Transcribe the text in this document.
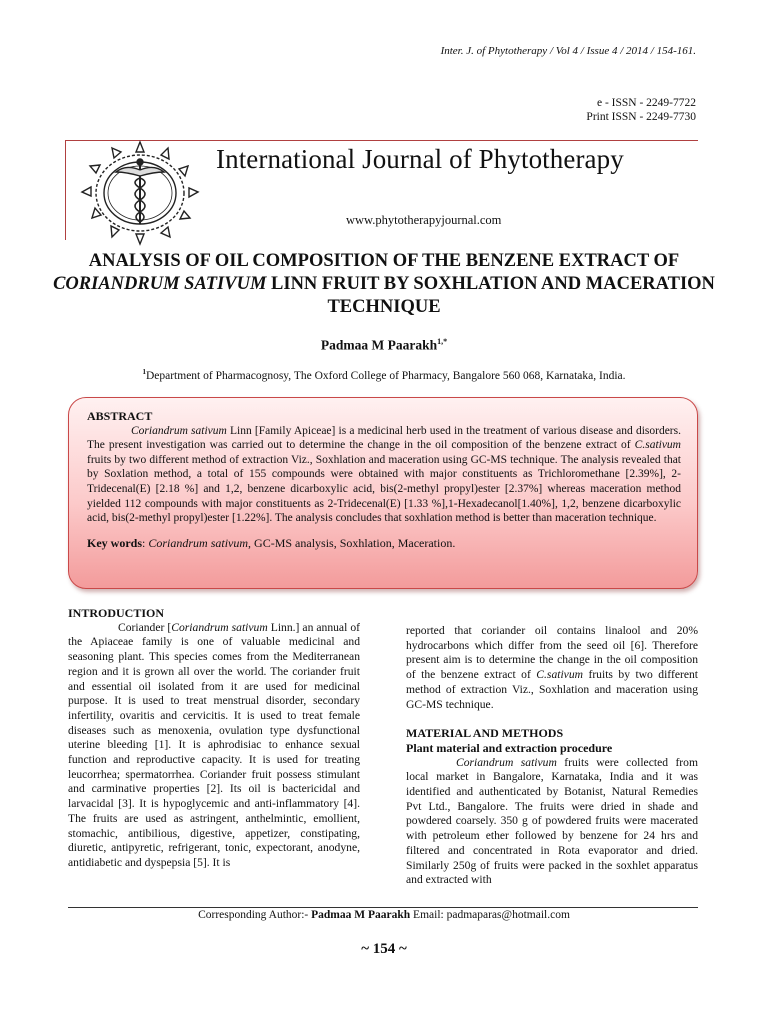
Inter. J. of Phytotherapy / Vol 4 / Issue 4 / 2014 / 154-161.
e - ISSN - 2249-7722
Print ISSN - 2249-7730
International Journal of Phytotherapy
www.phytotherapyjournal.com
ANALYSIS OF OIL COMPOSITION OF THE BENZENE EXTRACT OF CORIANDRUM SATIVUM LINN FRUIT BY SOXHLATION AND MACERATION TECHNIQUE
Padmaa M Paarakh$^{1,*}$
$^1$Department of Pharmacognosy, The Oxford College of Pharmacy, Bangalore 560 068, Karnataka, India.
ABSTRACT
Coriandrum sativum Linn [Family Apiceae] is a medicinal herb used in the treatment of various disease and disorders. The present investigation was carried out to determine the change in the oil composition of the benzene extract of C.sativum fruits by two different method of extraction Viz., Soxhlation and maceration using GC-MS technique. The analysis revealed that by Soxlation method, a total of 155 compounds were obtained with major constituents as Trichloromethane [2.39%], 2-Tridecenal(E) [2.18 %] and 1,2, benzene dicarboxylic acid, bis(2-methyl propyl)ester [2.37%] whereas maceration method yielded 112 compounds with major constituents as 2-Tridecenal(E) [1.33 %],1-Hexadecanol[1.40%], 1,2, benzene dicarboxylic acid, bis(2-methyl propyl)ester [1.22%]. The analysis concludes that soxhlation method is better than maceration technique.
Key words: Coriandrum sativum, GC-MS analysis, Soxhlation, Maceration.
INTRODUCTION
Coriander [Coriandrum sativum Linn.] an annual of the Apiaceae family is one of valuable medicinal and seasoning plant. This species comes from the Mediterranean region and it is grown all over the world. The coriander fruit and essential oil isolated from it are used for medicinal purpose. It is used to treat menstrual disorder, secondary infertility, ovaritis and cervicitis. It is used to treat female diseases such as menoxenia, ovulation type dysfunctional uterine bleeding [1]. It is aphrodisiac to enhance sexual function and reproductive capacity. It is used for treating leucorrhea; spermatorrhea. Coriander fruit possess stimulant and carminative properties [2]. Its oil is bactericidal and larvacidal [3]. It is hypoglycemic and anti-inflammatory [4]. The fruits are used as astringent, anthelmintic, emollient, stomachic, antibilious, digestive, appetizer, constipating, diuretic, antipyretic, refrigerant, tonic, expectorant, anodyne, antidiabetic and dyspepsia [5]. It is
reported that coriander oil contains linalool and 20% hydrocarbons which differ from the seed oil [6]. Therefore present aim is to determine the change in the oil composition of the benzene extract of C.sativum fruits by two different method of extraction Viz., Soxhlation and maceration using GC-MS technique.
MATERIAL AND METHODS
Plant material and extraction procedure
Coriandrum sativum fruits were collected from local market in Bangalore, Karnataka, India and it was identified and authenticated by Botanist, Natural Remedies Pvt Ltd., Bangalore. The fruits were dried in shade and powdered coarsely. 350 g of powdered fruits were macerated with petroleum ether followed by benzene for 24 hrs and filtered and concentrated in Rota evaporator and dried. Similarly 250g of fruits were packed in the soxhlet apparatus and extracted with
Corresponding Author:- Padmaa M Paarakh Email: padmaparas@hotmail.com
~ 154 ~
